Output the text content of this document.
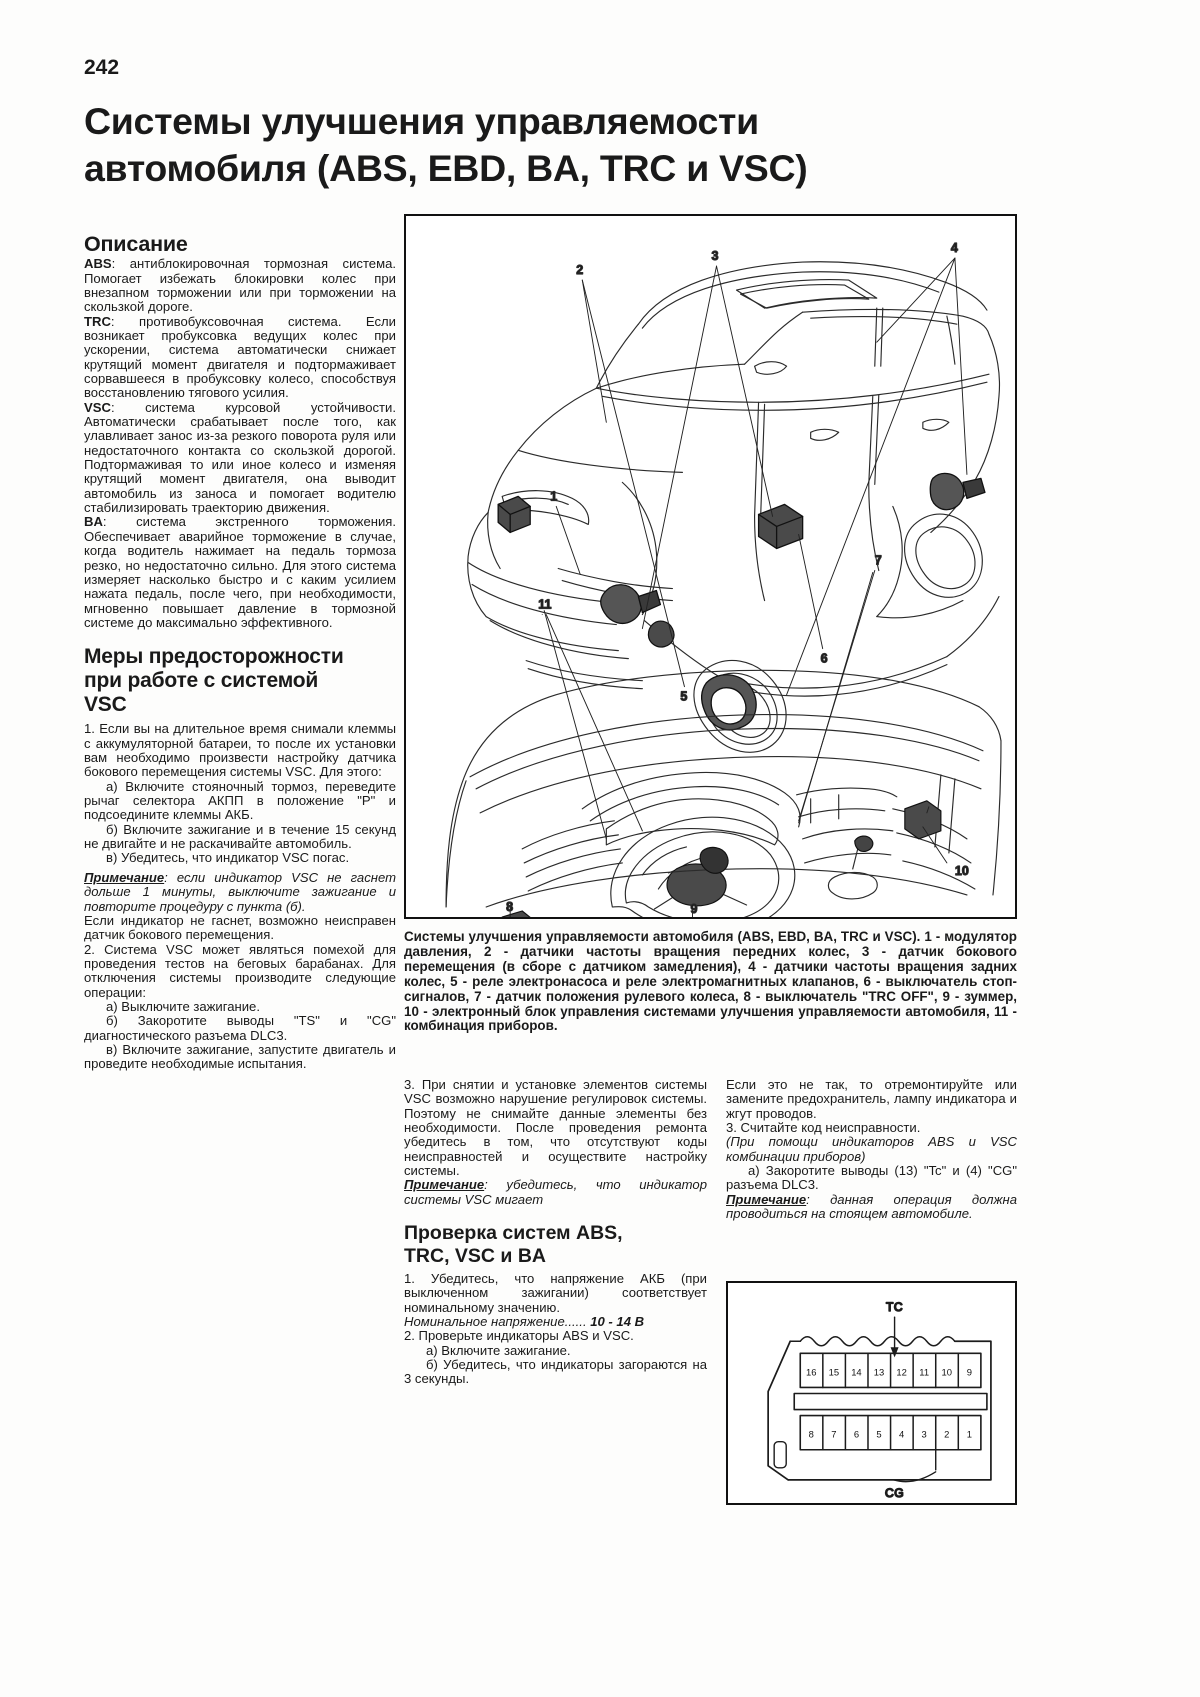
242
Системы улучшения управляемости
автомобиля (ABS, EBD, BA, TRC и VSC)
Описание

ABS: антиблокировочная тормозная система. Помогает избежать блокировки колес при внезапном торможении или при торможении на скользкой дороге.

TRC: противобуксовочная система. Если возникает пробуксовка ведущих колес при ускорении, система автоматически снижает крутящий момент двигателя и подтормаживает сорвавшееся в пробуксовку колесо, способствуя восстановлению тягового усилия.

VSC: система курсовой устойчивости. Автоматически срабатывает после того, как улавливает занос из-за резкого поворота руля или недостаточного контакта со скользкой дорогой. Подтормаживая то или иное колесо и изменяя крутящий момент двигателя, она выводит автомобиль из заноса и помогает водителю стабилизировать траекторию движения.

BA: система экстренного торможения. Обеспечивает аварийное торможение в случае, когда водитель нажимает на педаль тормоза резко, но недостаточно сильно. Для этого система измеряет насколько быстро и с каким усилием нажата педаль, после чего, при необходимости, мгновенно повышает давление в тормозной системе до максимально эффективного.

Меры предосторожности
при работе с системой
VSC

1. Если вы на длительное время снимали клеммы с аккумуляторной батареи, то после их установки вам необходимо произвести настройку датчика бокового перемещения системы VSC. Для этого:

а) Включите стояночный тормоз, переведите рычаг селектора АКПП в положение "P" и подсоедините клеммы АКБ.

б) Включите зажигание и в течение 15 секунд не двигайте и не раскачивайте автомобиль.

в) Убедитесь, что индикатор VSC погас.

Примечание: если индикатор VSC не гаснет дольше 1 минуты, выключите зажигание и повторите процедуру с пункта (б).

Если индикатор не гаснет, возможно неисправен датчик бокового перемещения.

2. Система VSC может являться помехой для проведения тестов на беговых барабанах. Для отключения системы производите следующие операции:

а) Выключите зажигание.

б) Закоротите выводы "TS" и "CG" диагностического разъема DLC3.

в) Включите зажигание, запустите двигатель и проведите необходимые испытания.

1
2
3
4
5
6
11
7
8	9
10
Системы улучшения управляемости автомобиля (ABS, EBD, BA, TRC и VSC). 1 - модулятор давления, 2 - датчики частоты вращения передних колес, 3 - датчик бокового перемещения (в сборе с датчиком замедления), 4 - датчики частоты вращения задних колес, 5 - реле электронасоса и реле электромагнитных клапанов, 6 - выключатель стоп-сигналов, 7 - датчик положения рулевого колеса, 8 - выключатель "TRC OFF", 9 - зуммер, 10 - электронный блок управления системами улучшения управляемости автомобиля, 11 - комбинация приборов.

3. При снятии и установке элементов системы VSC возможно нарушение регулировок системы. Поэтому не снимайте данные элементы без необходимости. После проведения ремонта убедитесь в том, что отсутствуют коды неисправностей и осуществите настройку системы.

Примечание: убедитесь, что индикатор системы VSC мигает

Проверка систем ABS,
TRC, VSC и BA

1. Убедитесь, что напряжение АКБ (при выключенном зажигании) соответствует номинальному значению.

Номинальное напряжение...... 10 - 14 В

2. Проверьте индикаторы ABS и VSC.

а) Включите зажигание.

б) Убедитесь, что индикаторы загораются на 3 секунды.

Если это не так, то отремонтируйте или замените предохранитель, лампу индикатора и жгут проводов.

3. Считайте код неисправности.

(При помощи индикаторов ABS и VSC комбинации приборов)

а) Закоротите выводы (13) "Tc" и (4) "CG" разъема DLC3.

Примечание: данная операция должна проводиться на стоящем автомобиле.

TC
CG
16 15 14 13 12 11 10 9
8 7 6 5 4 3 2 1
